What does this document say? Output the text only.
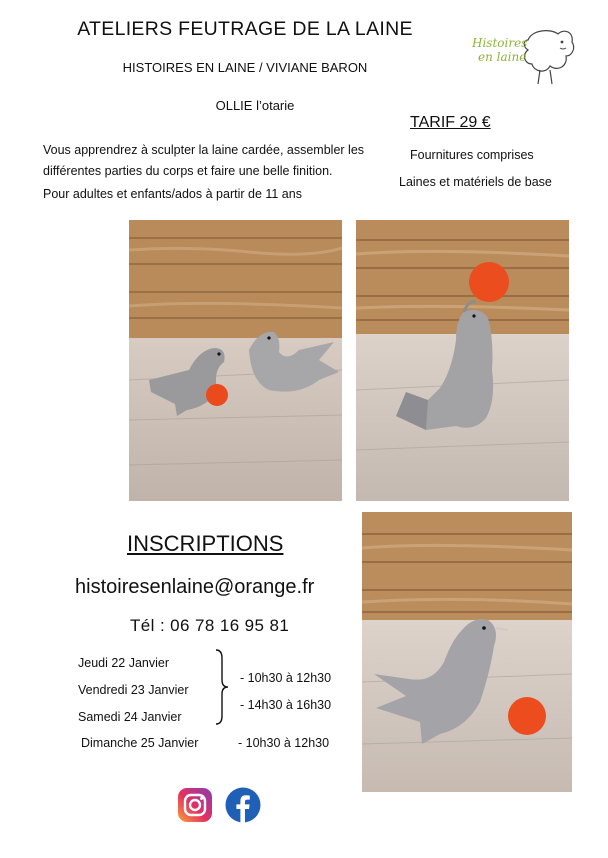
ATELIERS FEUTRAGE DE LA LAINE
HISTOIRES EN LAINE / VIVIANE BARON
OLLIE l’otarie
Histoires
en laine
Vous apprendrez à sculpter la laine cardée, assembler les
différentes parties du corps et faire une belle finition.
Pour adultes et enfants/ados à partir de 11 ans
TARIF 29 €
Fournitures comprises
Laines et matériels de base
INSCRIPTIONS
histoiresenlaine@orange.fr
Tél : 06 78 16 95 81
Jeudi 22 Janvier
Vendredi 23 Janvier
Samedi 24 Janvier
Dimanche 25 Janvier
- 10h30 à 12h30
- 14h30 à 16h30
- 10h30 à 12h30
